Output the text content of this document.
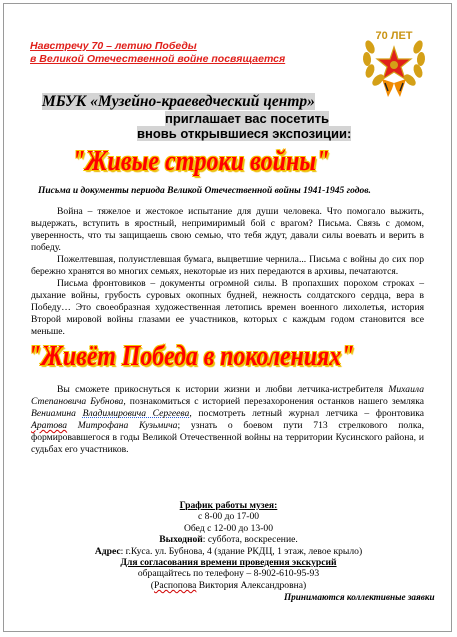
Навстречу 70 – летию Победы
в Великой Отечественной войне посвящается
70 ЛЕТ
МБУК «Музейно-краеведческий центр»
приглашает вас посетить
вновь открывшиеся экспозиции:
"Живые строки войны"
Письма и документы периода Великой Отечественной войны 1941-1945 годов.

Война – тяжелое и жестокое испытание для души человека. Что помогало выжить, выдержать, вступить в яростный, непримиримый бой с врагом? Письма. Связь с домом, уверенность, что ты защищаешь свою семью, что тебя ждут, давали силы воевать и верить в победу.

Пожелтевшая, полуистлевшая бумага, выцветшие чернила... Письма с войны до сих пор бережно хранятся во многих семьях, некоторые из них передаются в архивы, печатаются.

Письма фронтовиков – документы огромной силы. В пропахших порохом строках – дыхание войны, грубость суровых окопных будней, нежность солдатского сердца, вера в Победу… Это своеобразная художественная летопись времен военного лихолетья, история Второй мировой войны глазами ее участников, которых с каждым годом становится все меньше.

"Живёт Победа в поколениях"

Вы сможете прикоснуться к истории жизни и любви летчика-истребителя Михаила Степановича Бубнова, познакомиться с историей перезахоронения останков нашего земляка Вениамина Владимировича Сергеева, посмотреть летный журнал летчика – фронтовика Аратова Митрофана Кузьмича; узнать о боевом пути 713 стрелкового полка, формировавшегося в годы Великой Отечественной войны на территории Кусинского района, и судьбах его участников.

График работы музея:
с 8-00 до 17-00
Обед с 12-00 до 13-00
Выходной: суббота, воскресение.
Адрес: г.Куса. ул. Бубнова, 4 (здание РКДЦ, 1 этаж, левое крыло)
Для согласования времени проведения экскурсий
обращайтесь по телефону – 8-902-610-95-93
(Распопова Виктория Александровна)
Принимаются коллективные заявки
